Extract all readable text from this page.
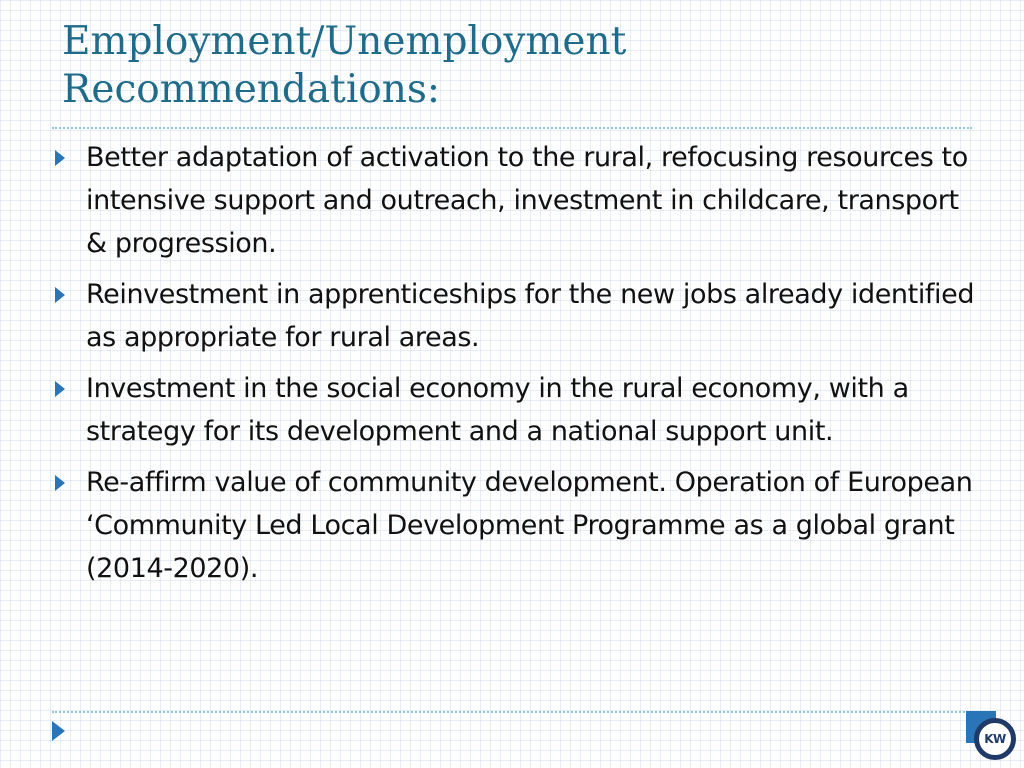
Employment/Unemployment
Recommendations:
Better adaptation of activation to the rural, refocusing resources to intensive support and outreach, investment in childcare, transport & progression.
Reinvestment in apprenticeships for the new jobs already identified as appropriate for rural areas.
Investment in the social economy in the rural economy, with a strategy for its development and a national support unit.
Re-affirm value of community development. Operation of European ‘Community Led Local Development Programme as a global grant (2014-2020).
KW
